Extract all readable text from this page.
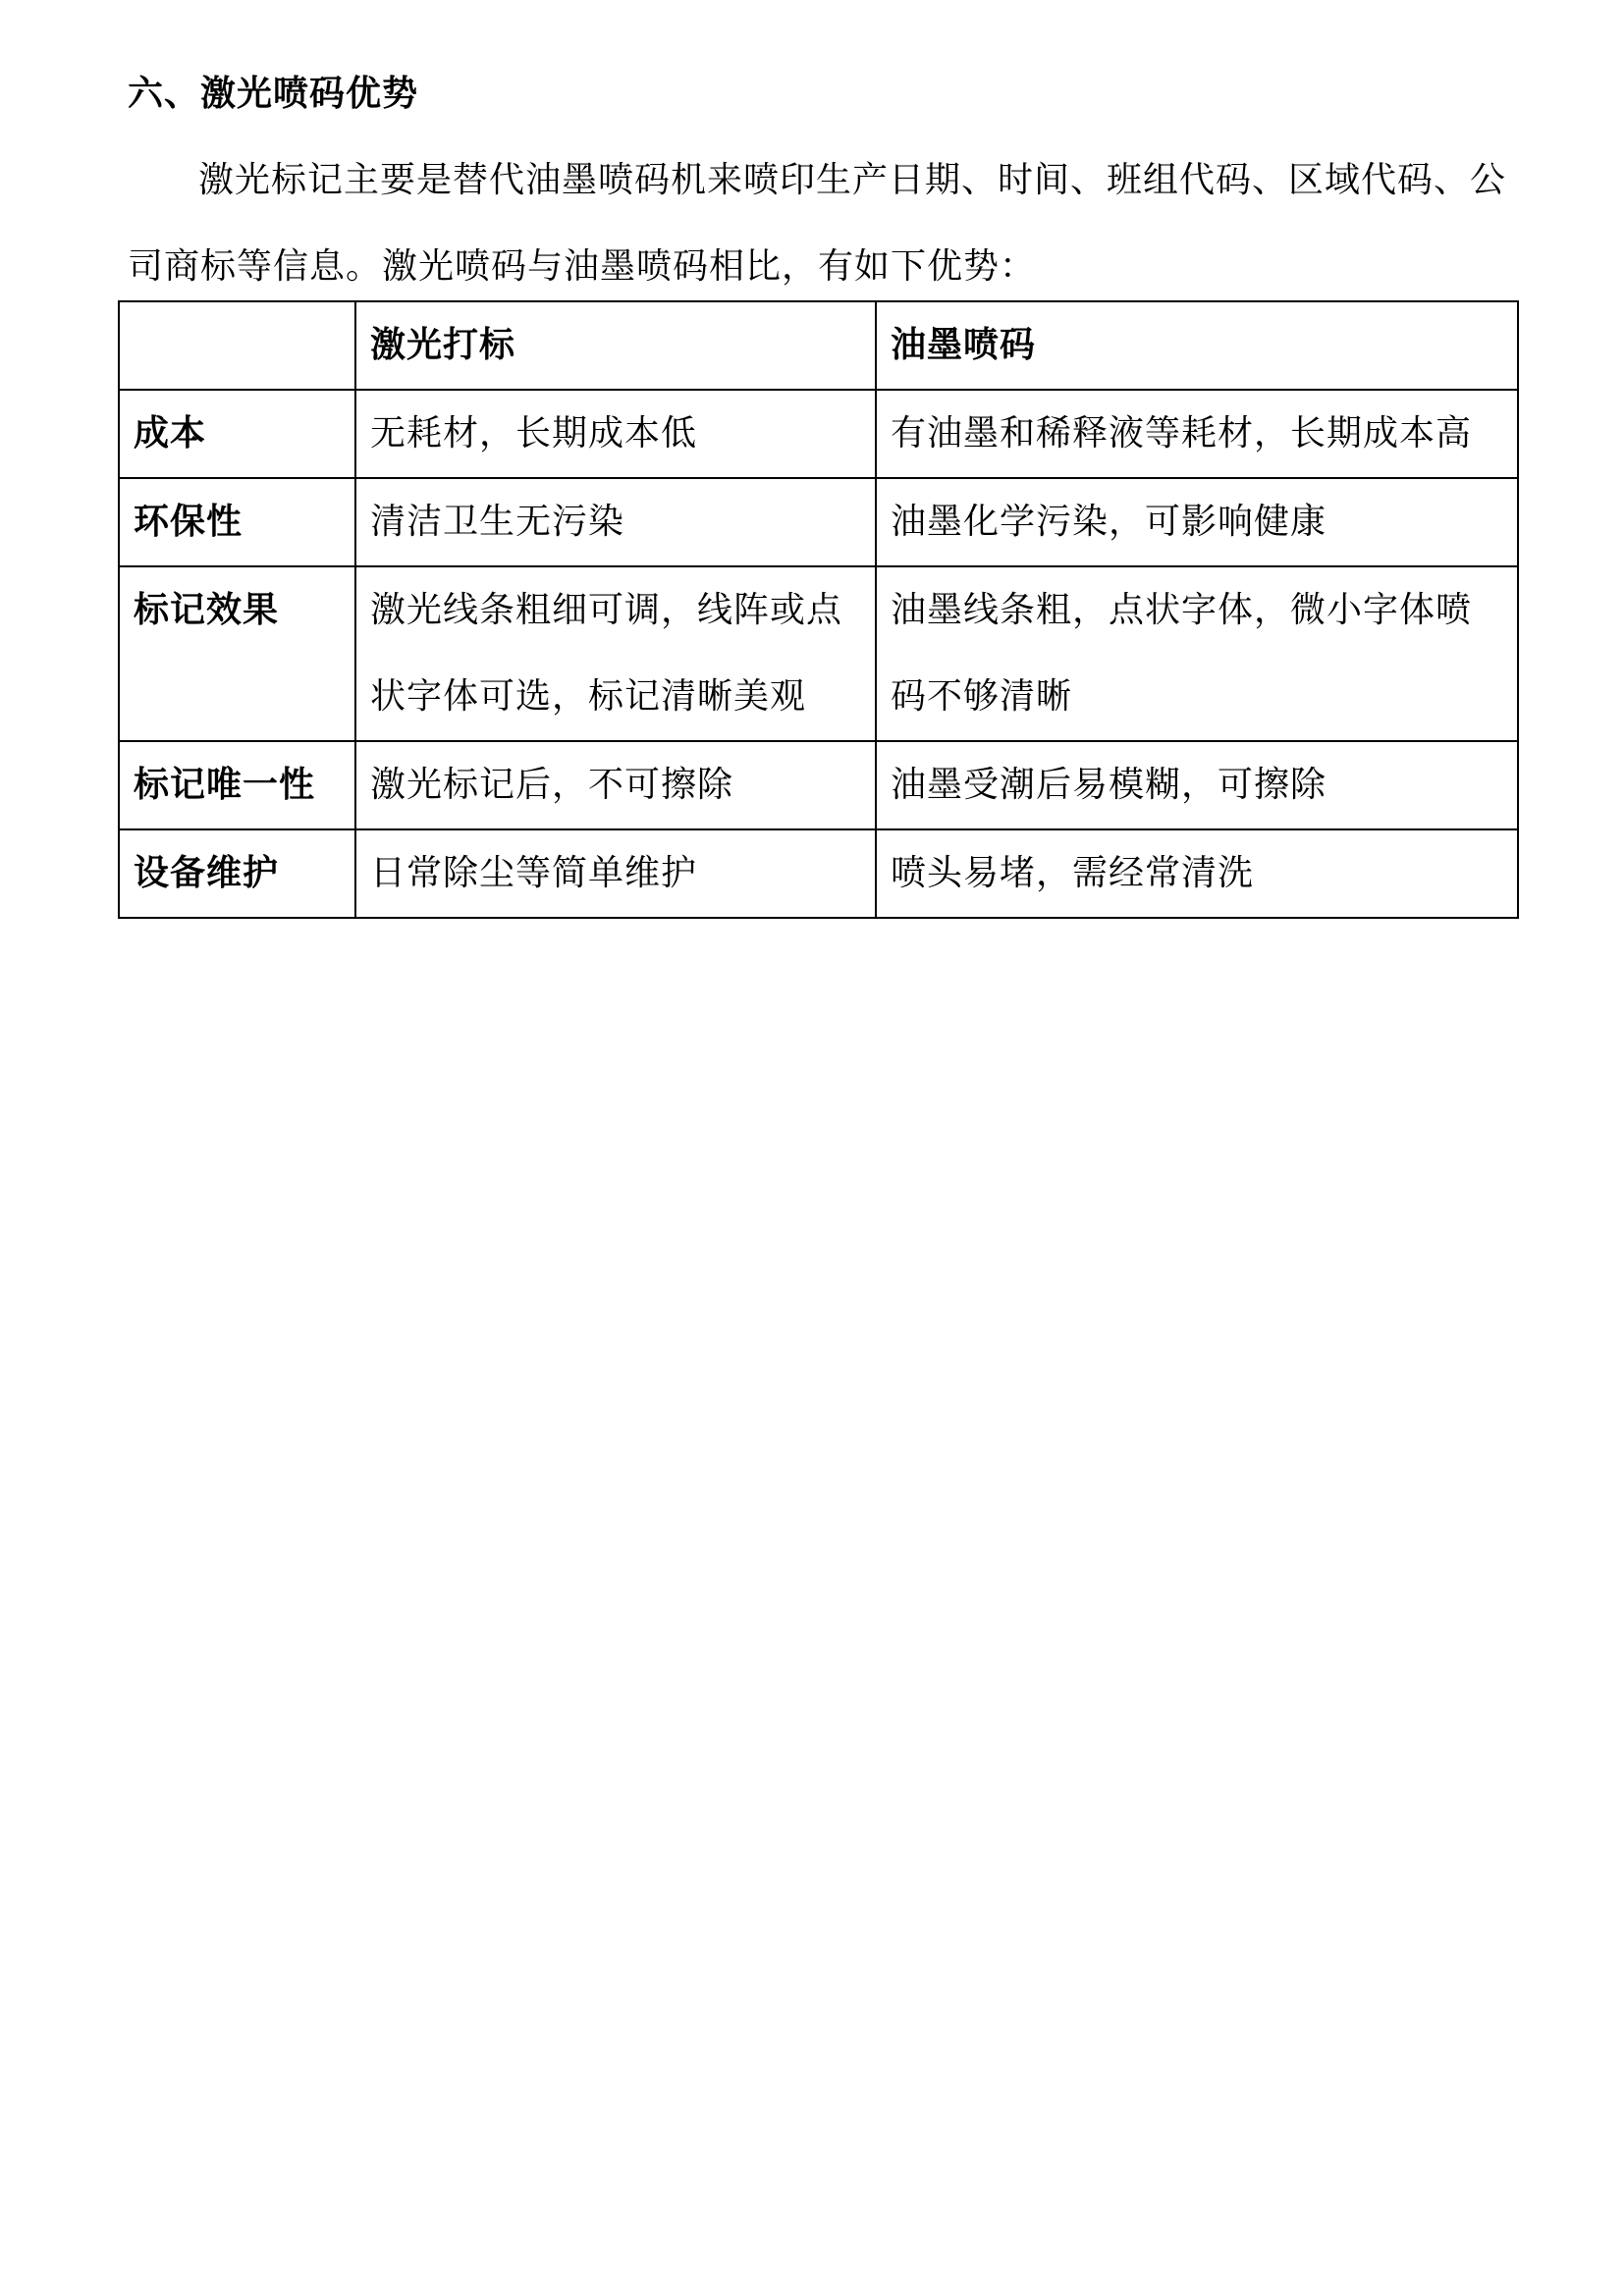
六、激光喷码优势

激光标记主要是替代油墨喷码机来喷印生产日期、时间、班组代码、区域代码、公司商标等信息。激光喷码与油墨喷码相比，有如下优势：

	激光打标	油墨喷码
成本	无耗材，长期成本低	有油墨和稀释液等耗材，长期成本高
环保性	清洁卫生无污染	油墨化学污染，可影响健康
标记效果	激光线条粗细可调，线阵或点状字体可选，标记清晰美观	油墨线条粗，点状字体，微小字体喷码不够清晰
标记唯一性	激光标记后，不可擦除	油墨受潮后易模糊，可擦除
设备维护	日常除尘等简单维护	喷头易堵，需经常清洗
